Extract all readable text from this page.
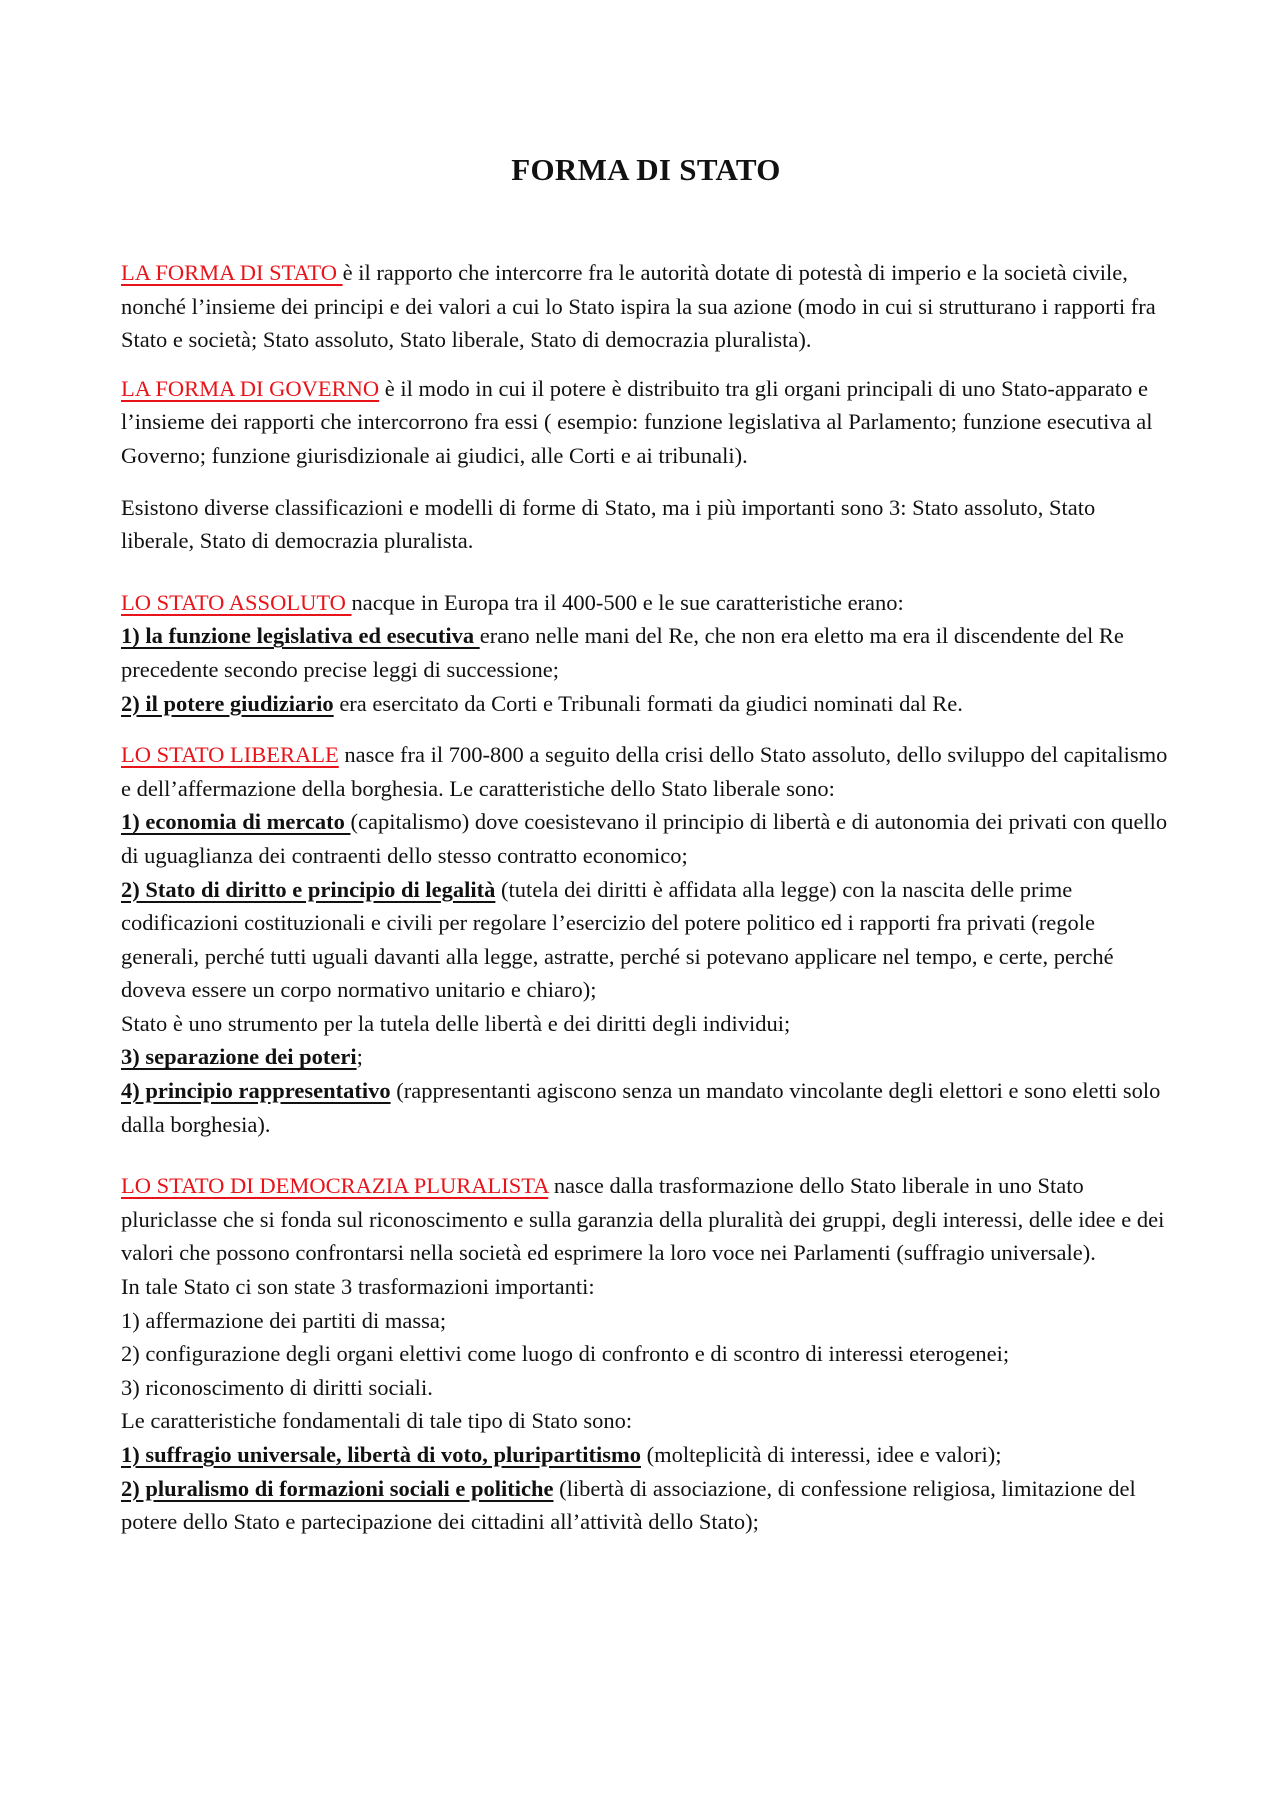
FORMA DI STATO

LA FORMA DI STATO è il rapporto che intercorre fra le autorità dotate di potestà di imperio e la società civile, nonché l’insieme dei principi e dei valori a cui lo Stato ispira la sua azione (modo in cui si strutturano i rapporti fra Stato e società; Stato assoluto, Stato liberale, Stato di democrazia pluralista).

LA FORMA DI GOVERNO è il modo in cui il potere è distribuito tra gli organi principali di uno Stato-apparato e l’insieme dei rapporti che intercorrono fra essi ( esempio: funzione legislativa al Parlamento; funzione esecutiva al Governo; funzione giurisdizionale ai giudici, alle Corti e ai tribunali).

Esistono diverse classificazioni e modelli di forme di Stato, ma i più importanti sono 3: Stato assoluto, Stato liberale, Stato di democrazia pluralista.

LO STATO ASSOLUTO nacque in Europa tra il 400-500 e le sue caratteristiche erano:

1) la funzione legislativa ed esecutiva erano nelle mani del Re, che non era eletto ma era il discendente del Re precedente secondo precise leggi di successione;

2) il potere giudiziario era esercitato da Corti e Tribunali formati da giudici nominati dal Re.

LO STATO LIBERALE nasce fra il 700-800 a seguito della crisi dello Stato assoluto, dello sviluppo del capitalismo e dell’affermazione della borghesia. Le caratteristiche dello Stato liberale sono:

1) economia di mercato (capitalismo) dove coesistevano il principio di libertà e di autonomia dei privati con quello di uguaglianza dei contraenti dello stesso contratto economico;

2) Stato di diritto e principio di legalità (tutela dei diritti è affidata alla legge) con la nascita delle prime codificazioni costituzionali e civili per regolare l’esercizio del potere politico ed i rapporti fra privati (regole generali, perché tutti uguali davanti alla legge, astratte, perché si potevano applicare nel tempo, e certe, perché doveva essere un corpo normativo unitario e chiaro);

Stato è uno strumento per la tutela delle libertà e dei diritti degli individui;

3) separazione dei poteri;

4) principio rappresentativo (rappresentanti agiscono senza un mandato vincolante degli elettori e sono eletti solo dalla borghesia).

LO STATO DI DEMOCRAZIA PLURALISTA nasce dalla trasformazione dello Stato liberale in uno Stato pluriclasse che si fonda sul riconoscimento e sulla garanzia della pluralità dei gruppi, degli interessi, delle idee e dei valori che possono confrontarsi nella società ed esprimere la loro voce nei Parlamenti (suffragio universale).

In tale Stato ci son state 3 trasformazioni importanti:

1) affermazione dei partiti di massa;

2) configurazione degli organi elettivi come luogo di confronto e di scontro di interessi eterogenei;

3) riconoscimento di diritti sociali.

Le caratteristiche fondamentali di tale tipo di Stato sono:

1) suffragio universale, libertà di voto, pluripartitismo (molteplicità di interessi, idee e valori);

2) pluralismo di formazioni sociali e politiche (libertà di associazione, di confessione religiosa, limitazione del potere dello Stato e partecipazione dei cittadini all’attività dello Stato);
